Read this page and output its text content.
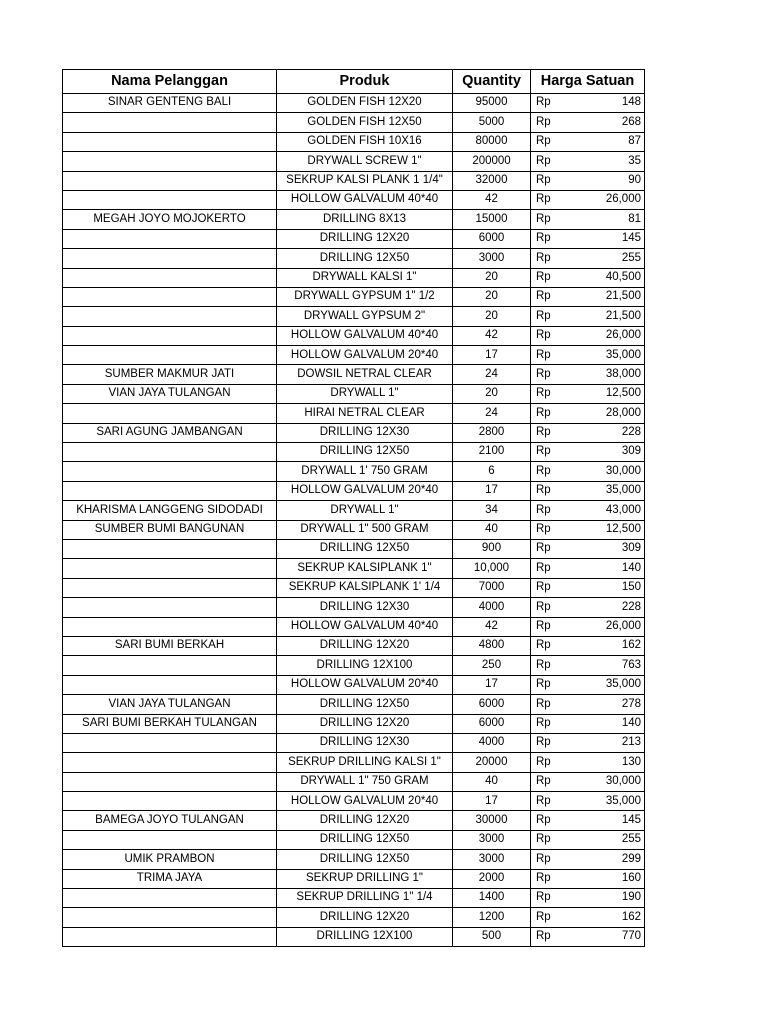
Nama Pelanggan	Produk	Quantity	Harga Satuan	
SINAR GENTENG BALI	GOLDEN FISH 12X20	95000	Rp	148
	GOLDEN FISH 12X50	5000	Rp	268
	GOLDEN FISH 10X16	80000	Rp	87
	DRYWALL SCREW 1"	200000	Rp	35
	SEKRUP KALSI PLANK 1 1/4"	32000	Rp	90
	HOLLOW GALVALUM 40*40	42	Rp	26,000
MEGAH JOYO MOJOKERTO	DRILLING 8X13	15000	Rp	81
	DRILLING 12X20	6000	Rp	145
	DRILLING 12X50	3000	Rp	255
	DRYWALL KALSI 1"	20	Rp	40,500
	DRYWALL GYPSUM 1" 1/2	20	Rp	21,500
	DRYWALL GYPSUM 2"	20	Rp	21,500
	HOLLOW GALVALUM 40*40	42	Rp	26,000
	HOLLOW GALVALUM 20*40	17	Rp	35,000
SUMBER MAKMUR JATI	DOWSIL NETRAL CLEAR	24	Rp	38,000
VIAN JAYA TULANGAN	DRYWALL 1"	20	Rp	12,500
	HIRAI NETRAL CLEAR	24	Rp	28,000
SARI AGUNG JAMBANGAN	DRILLING 12X30	2800	Rp	228
	DRILLING 12X50	2100	Rp	309
	DRYWALL 1' 750 GRAM	6	Rp	30,000
	HOLLOW GALVALUM 20*40	17	Rp	35,000
KHARISMA LANGGENG SIDODADI	DRYWALL 1"	34	Rp	43,000
SUMBER BUMI BANGUNAN	DRYWALL 1" 500 GRAM	40	Rp	12,500
	DRILLING 12X50	900	Rp	309
	SEKRUP KALSIPLANK 1"	10,000	Rp	140
	SEKRUP KALSIPLANK 1' 1/4	7000	Rp	150
	DRILLING 12X30	4000	Rp	228
	HOLLOW GALVALUM 40*40	42	Rp	26,000
SARI BUMI BERKAH	DRILLING 12X20	4800	Rp	162
	DRILLING 12X100	250	Rp	763
	HOLLOW GALVALUM 20*40	17	Rp	35,000
VIAN JAYA TULANGAN	DRILLING 12X50	6000	Rp	278
SARI BUMI BERKAH TULANGAN	DRILLING 12X20	6000	Rp	140
	DRILLING 12X30	4000	Rp	213
	SEKRUP DRILLING KALSI 1"	20000	Rp	130
	DRYWALL 1" 750 GRAM	40	Rp	30,000
	HOLLOW GALVALUM 20*40	17	Rp	35,000
BAMEGA JOYO TULANGAN	DRILLING 12X20	30000	Rp	145
	DRILLING 12X50	3000	Rp	255
UMIK PRAMBON	DRILLING 12X50	3000	Rp	299
TRIMA JAYA	SEKRUP DRILLING 1"	2000	Rp	160
	SEKRUP DRILLING 1" 1/4	1400	Rp	190
	DRILLING 12X20	1200	Rp	162
	DRILLING 12X100	500	Rp	770
